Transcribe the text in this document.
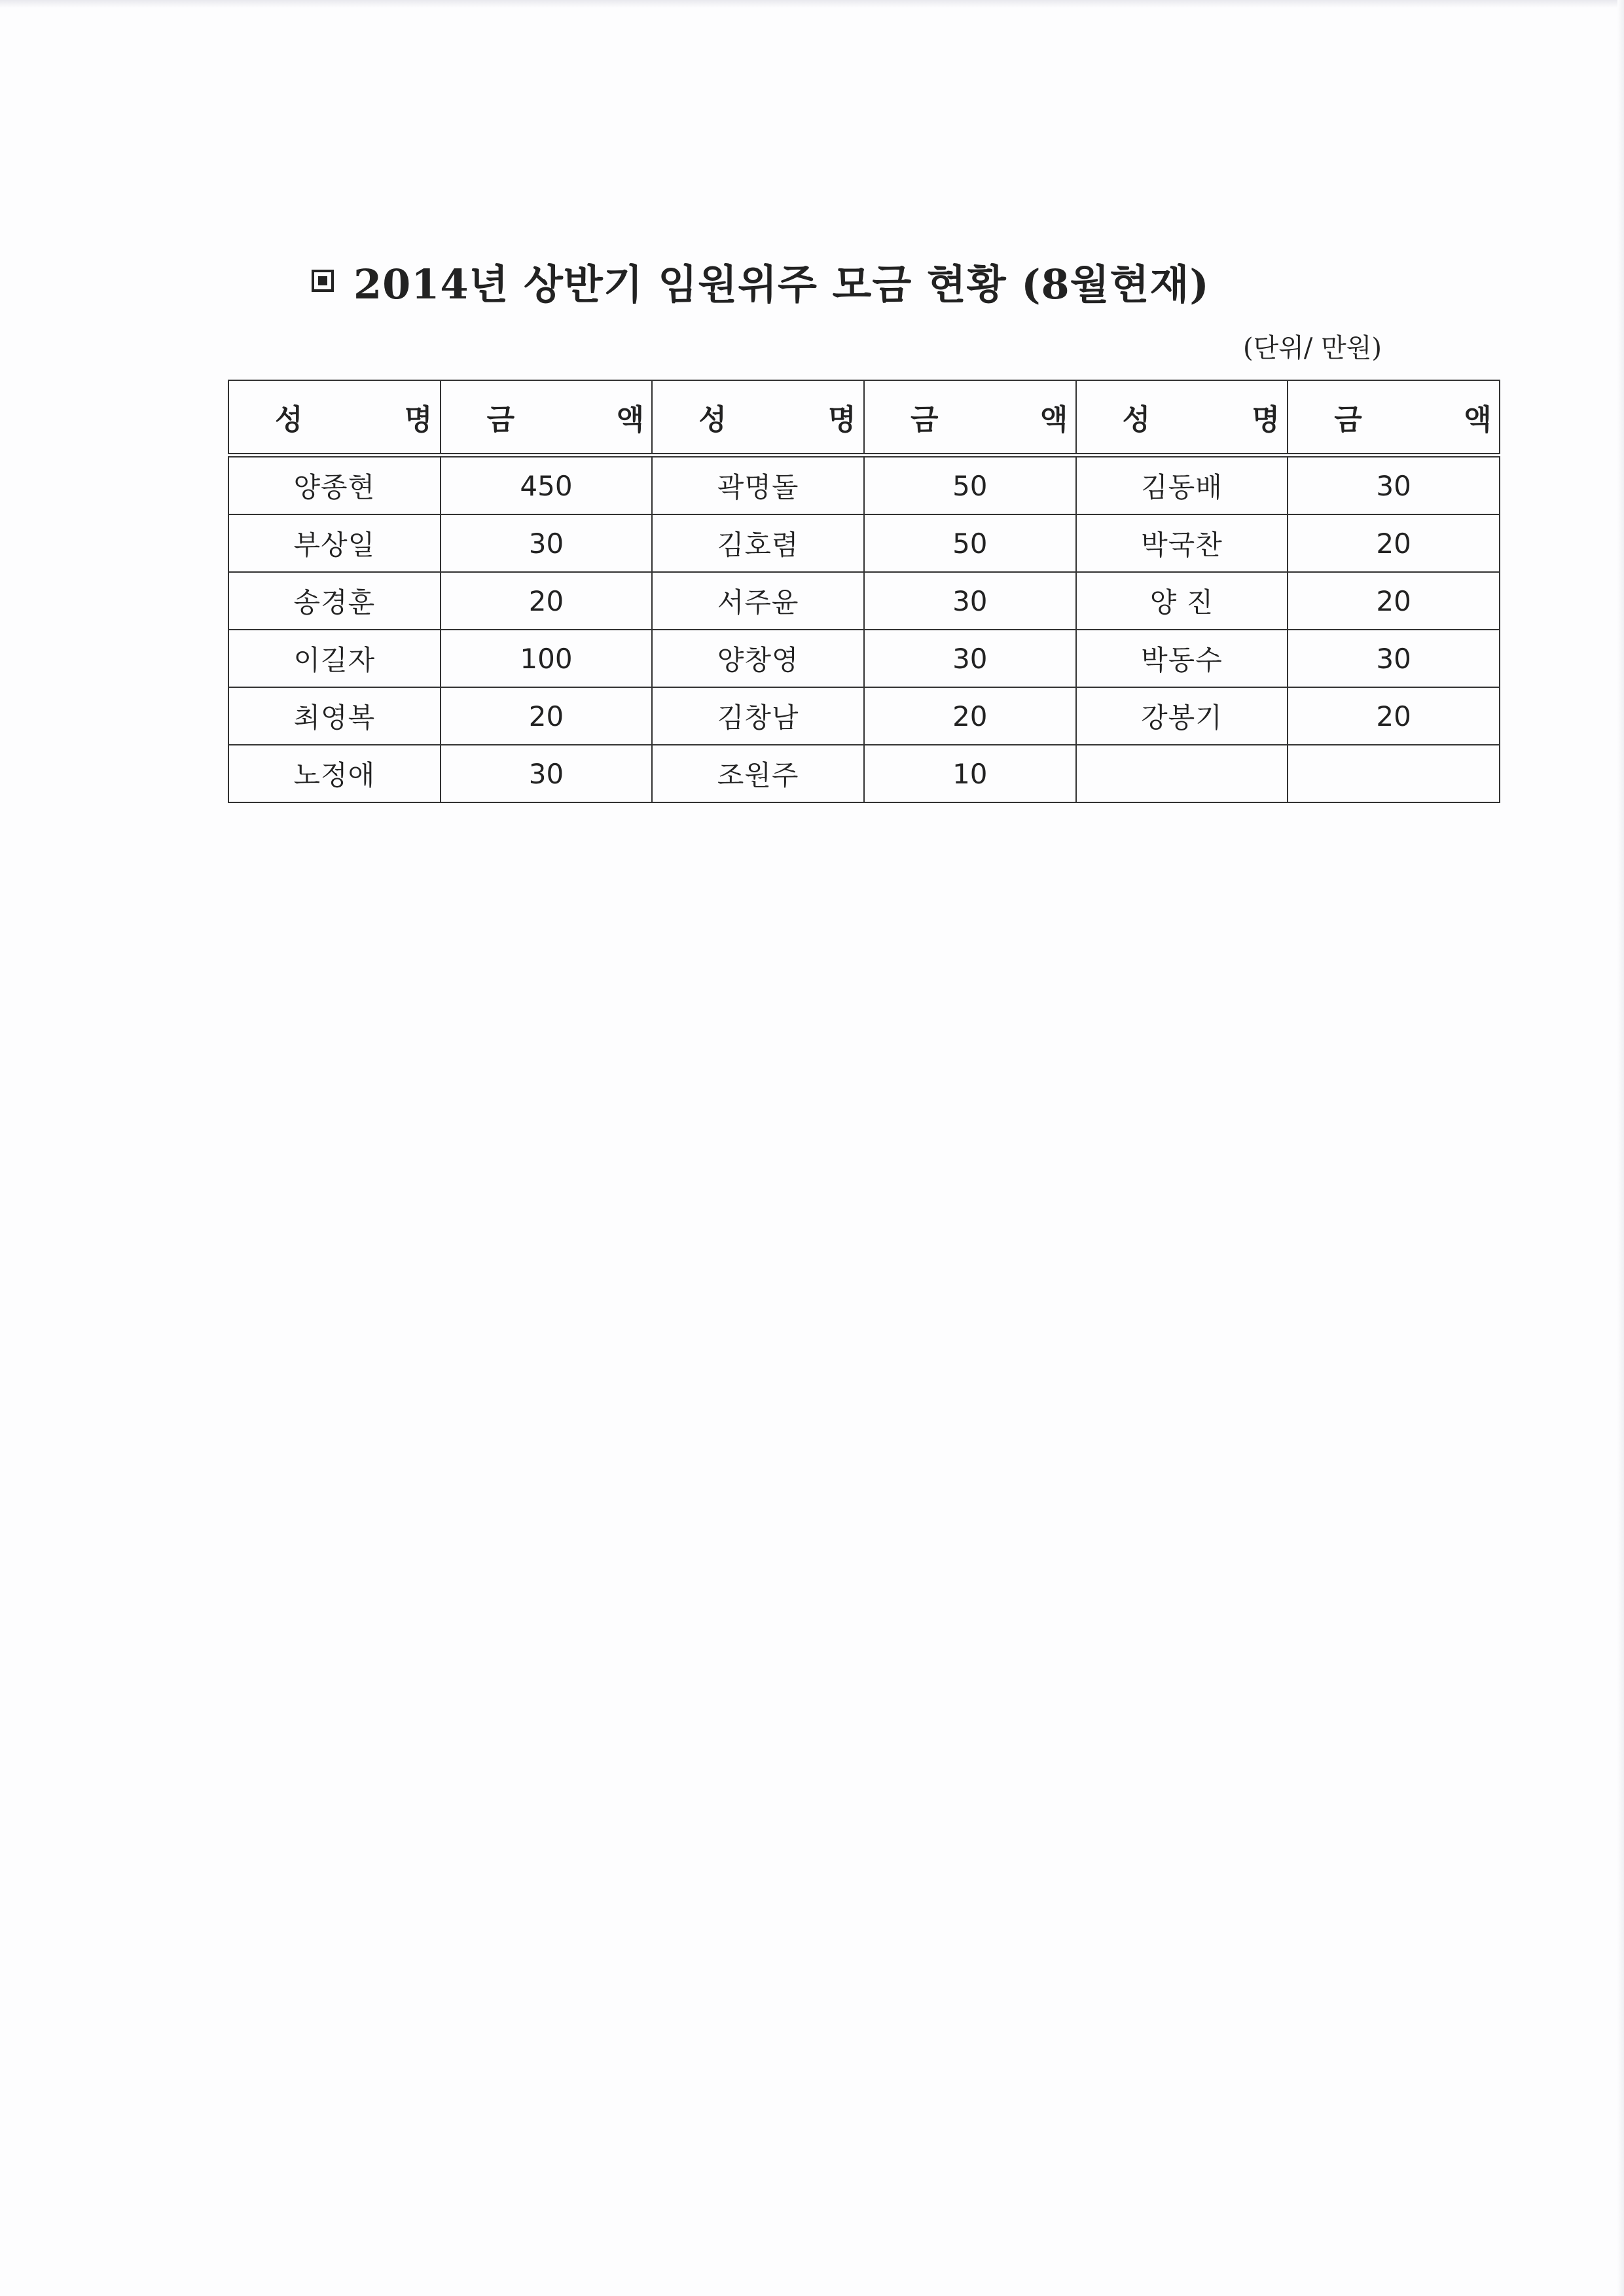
2014년 상반기 임원위주 모금 현황 (8월현재)
(단위/ 만원)
성 명	금 액	성 명	금 액	성 명	금 액
양종현	450	곽명돌	50	김동배	30
부상일	30	김호렴	50	박국찬	20
송경훈	20	서주윤	30	양 진	20
이길자	100	양창영	30	박동수	30
최영복	20	김창남	20	강봉기	20
노정애	30	조원주	10		
